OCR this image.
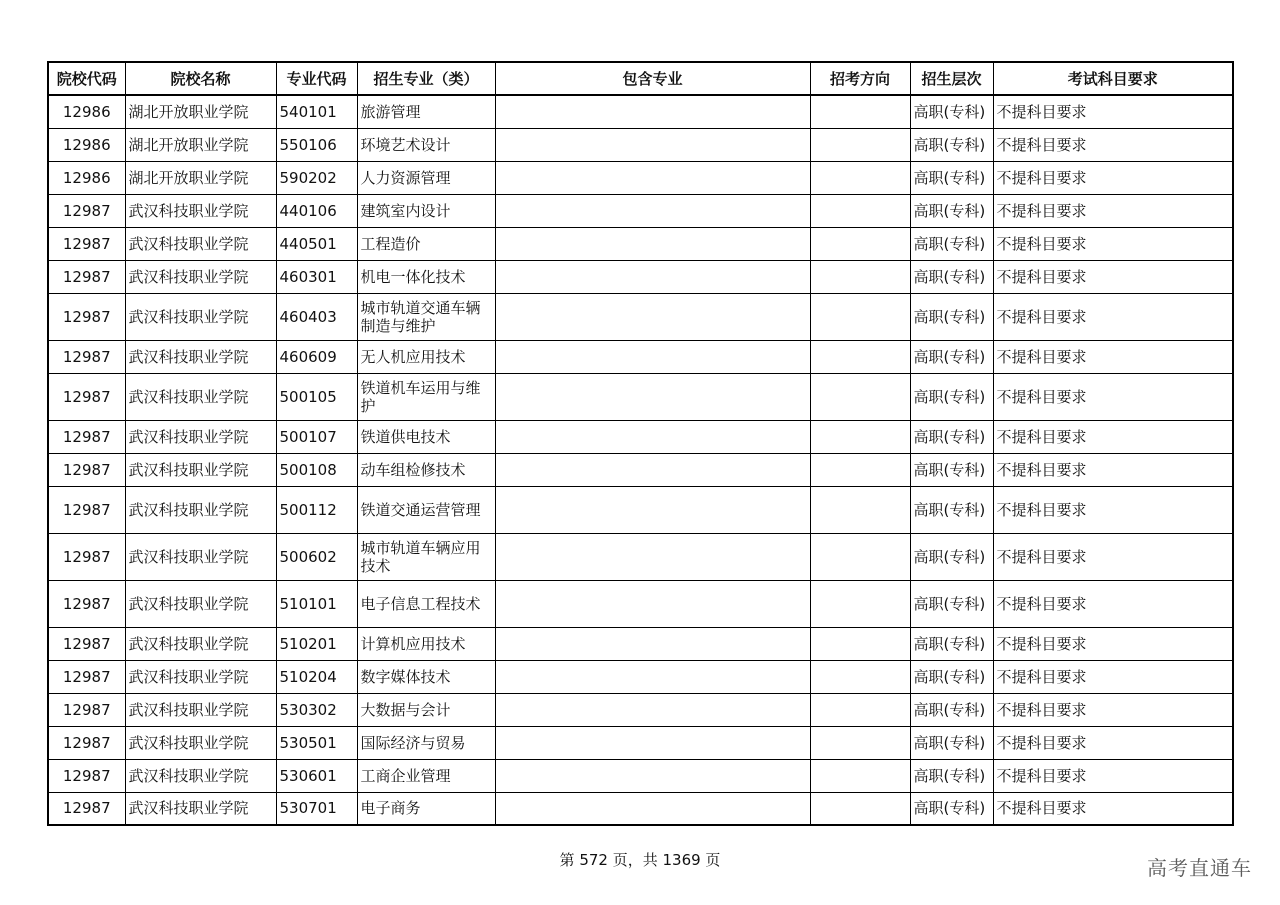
院校代码	院校名称	专业代码	招生专业（类）	包含专业	招考方向	招生层次	考试科目要求
12986	湖北开放职业学院	540101	旅游管理			高职(专科)	不提科目要求
12986	湖北开放职业学院	550106	环境艺术设计			高职(专科)	不提科目要求
12986	湖北开放职业学院	590202	人力资源管理			高职(专科)	不提科目要求
12987	武汉科技职业学院	440106	建筑室内设计			高职(专科)	不提科目要求
12987	武汉科技职业学院	440501	工程造价			高职(专科)	不提科目要求
12987	武汉科技职业学院	460301	机电一体化技术			高职(专科)	不提科目要求
12987	武汉科技职业学院	460403	城市轨道交通车辆制造与维护			高职(专科)	不提科目要求
12987	武汉科技职业学院	460609	无人机应用技术			高职(专科)	不提科目要求
12987	武汉科技职业学院	500105	铁道机车运用与维护			高职(专科)	不提科目要求
12987	武汉科技职业学院	500107	铁道供电技术			高职(专科)	不提科目要求
12987	武汉科技职业学院	500108	动车组检修技术			高职(专科)	不提科目要求
12987	武汉科技职业学院	500112	铁道交通运营管理			高职(专科)	不提科目要求
12987	武汉科技职业学院	500602	城市轨道车辆应用技术			高职(专科)	不提科目要求
12987	武汉科技职业学院	510101	电子信息工程技术			高职(专科)	不提科目要求
12987	武汉科技职业学院	510201	计算机应用技术			高职(专科)	不提科目要求
12987	武汉科技职业学院	510204	数字媒体技术			高职(专科)	不提科目要求
12987	武汉科技职业学院	530302	大数据与会计			高职(专科)	不提科目要求
12987	武汉科技职业学院	530501	国际经济与贸易			高职(专科)	不提科目要求
12987	武汉科技职业学院	530601	工商企业管理			高职(专科)	不提科目要求
12987	武汉科技职业学院	530701	电子商务			高职(专科)	不提科目要求
第 572 页，共 1369 页	高考直通车
